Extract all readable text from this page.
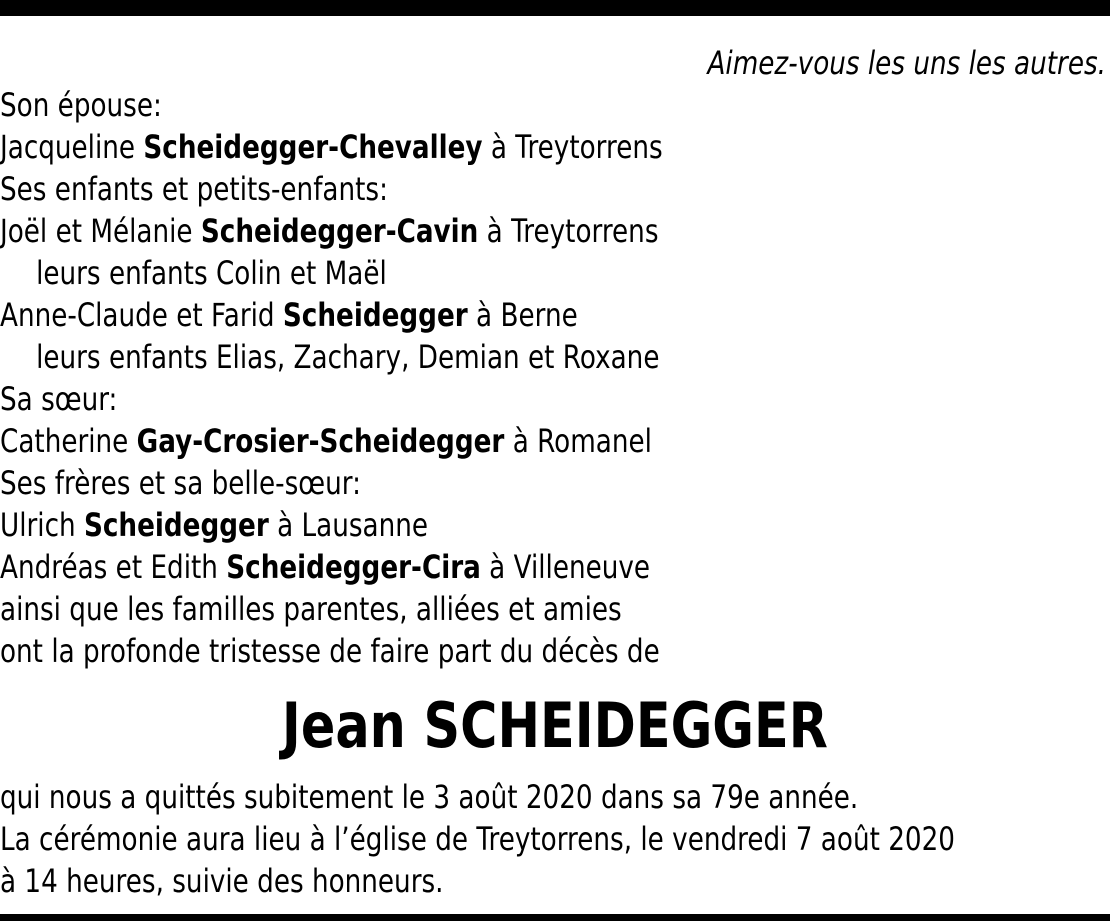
Aimez-vous les uns les autres.

Son épouse:
Jacqueline Scheidegger-Chevalley à Treytorrens
Ses enfants et petits-enfants:
Joël et Mélanie Scheidegger-Cavin à Treytorrens
leurs enfants Colin et Maël
Anne-Claude et Farid Scheidegger à Berne
leurs enfants Elias, Zachary, Demian et Roxane
Sa sœur:
Catherine Gay-Crosier-Scheidegger à Romanel
Ses frères et sa belle-sœur:
Ulrich Scheidegger à Lausanne
Andréas et Edith Scheidegger-Cira à Villeneuve
ainsi que les familles parentes, alliées et amies
ont la profonde tristesse de faire part du décès de
Jean SCHEIDEGGER
qui nous a quittés subitement le 3 août 2020 dans sa 79e année.
La cérémonie aura lieu à l’église de Treytorrens, le vendredi 7 août 2020
à 14 heures, suivie des honneurs.
